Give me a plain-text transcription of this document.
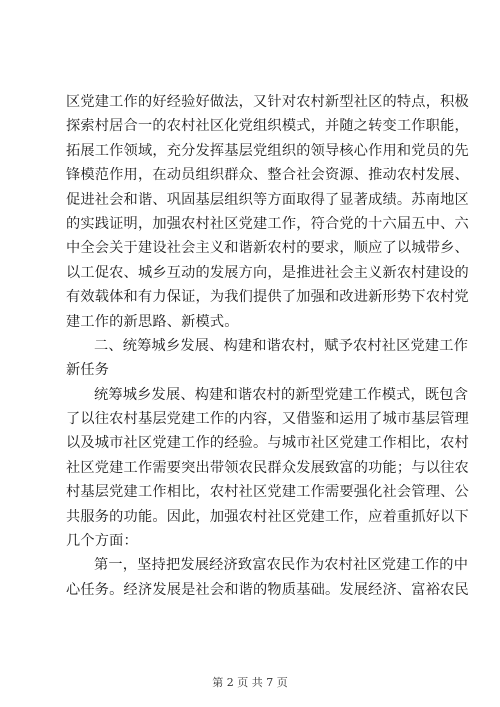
区党建工作的好经验好做法，又针对农村新型社区的特点，积极
探索村居合一的农村社区化党组织模式，并随之转变工作职能，
拓展工作领域，充分发挥基层党组织的领导核心作用和党员的先
锋模范作用，在动员组织群众、整合社会资源、推动农村发展、
促进社会和谐、巩固基层组织等方面取得了显著成绩。苏南地区
的实践证明，加强农村社区党建工作，符合党的十六届五中、六
中全会关于建设社会主义和谐新农村的要求，顺应了以城带乡、
以工促农、城乡互动的发展方向，是推进社会主义新农村建设的
有效载体和有力保证，为我们提供了加强和改进新形势下农村党
建工作的新思路、新模式。
二、统筹城乡发展、构建和谐农村，赋予农村社区党建工作
新任务
统筹城乡发展、构建和谐农村的新型党建工作模式，既包含
了以往农村基层党建工作的内容，又借鉴和运用了城市基层管理
以及城市社区党建工作的经验。与城市社区党建工作相比，农村
社区党建工作需要突出带领农民群众发展致富的功能；与以往农
村基层党建工作相比，农村社区党建工作需要强化社会管理、公
共服务的功能。因此，加强农村社区党建工作，应着重抓好以下
几个方面：
第一，坚持把发展经济致富农民作为农村社区党建工作的中
心任务。经济发展是社会和谐的物质基础。发展经济、富裕农民
第 2 页 共 7 页
